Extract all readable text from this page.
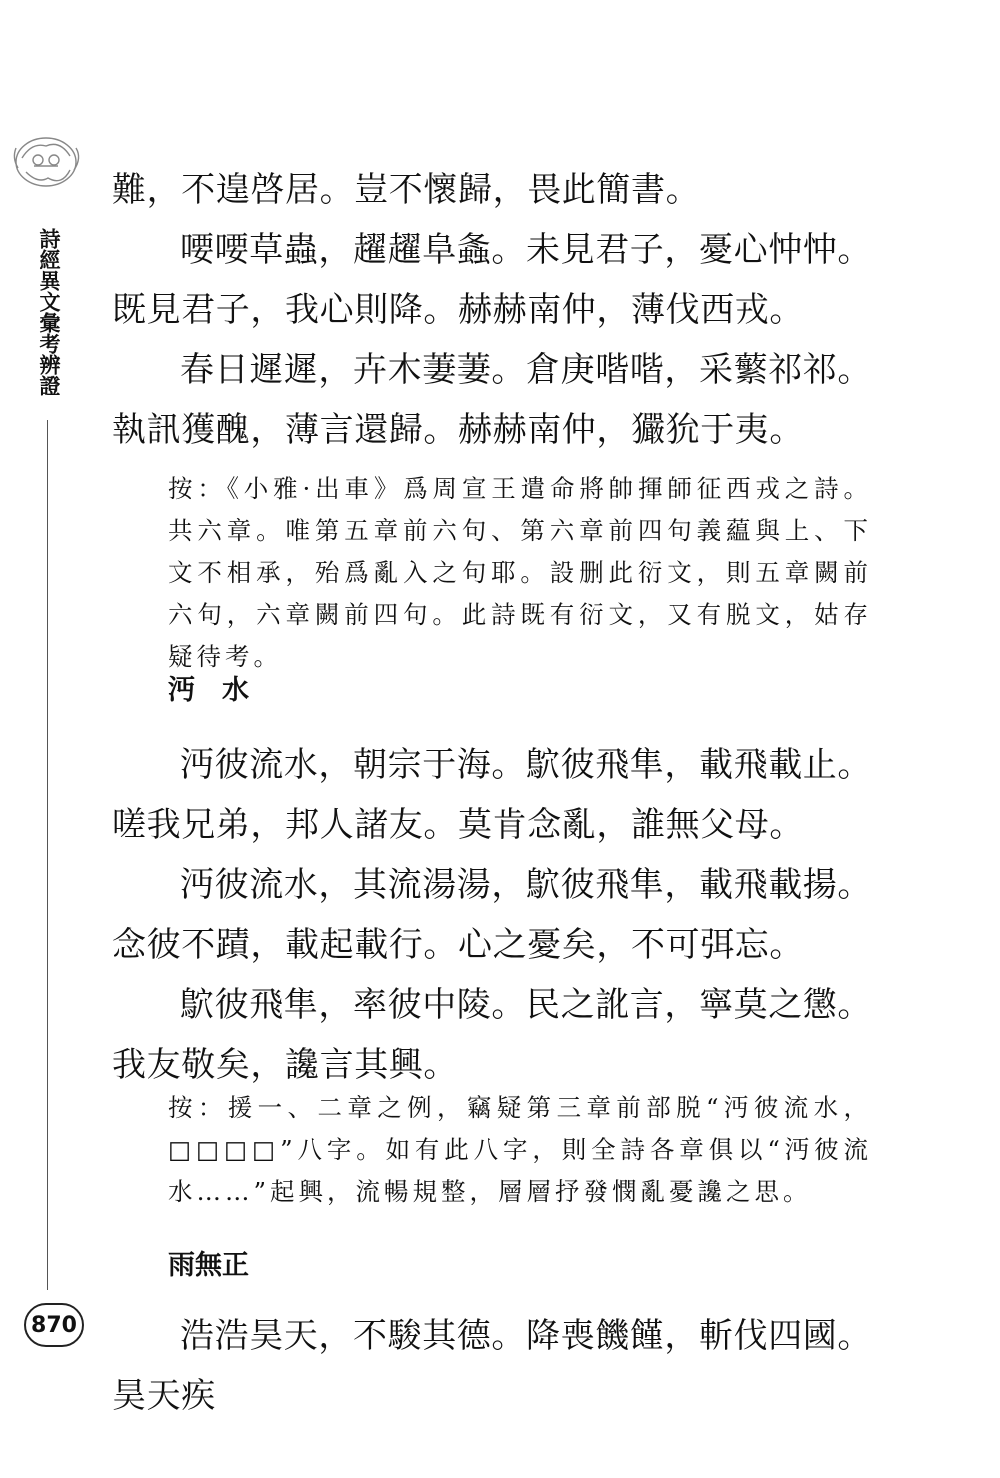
詩經異文彙考辨證
870

難，不遑啓居。豈不懷歸，畏此簡書。

喓喓草蟲，趯趯阜螽。未見君子，憂心忡忡。既見君子，我心則降。赫赫南仲，薄伐西戎。

春日遲遲，卉木萋萋。倉庚喈喈，采蘩祁祁。執訊獲醜，薄言還歸。赫赫南仲，玁狁于夷。

按：《小雅·出車》爲周宣王遣命將帥揮師征西戎之詩。共六章。唯第五章前六句、第六章前四句義藴與上、下文不相承，殆爲亂入之句耶。設删此衍文，則五章闕前六句，六章闕前四句。此詩既有衍文，又有脱文，姑存疑待考。

沔　水

沔彼流水，朝宗于海。鴥彼飛隼，載飛載止。嗟我兄弟，邦人諸友。莫肯念亂，誰無父母。

沔彼流水，其流湯湯，鴥彼飛隼，載飛載揚。念彼不蹟，載起載行。心之憂矣，不可弭忘。

鴥彼飛隼，率彼中陵。民之訛言，寧莫之懲。我友敬矣，讒言其興。

按：援一、二章之例，竊疑第三章前部脱“沔彼流水，□□□□”八字。如有此八字，則全詩各章俱以“沔彼流水……”起興，流暢規整，層層抒發憫亂憂讒之思。

雨無正

浩浩昊天，不駿其德。降喪饑饉，斬伐四國。昊天疾
